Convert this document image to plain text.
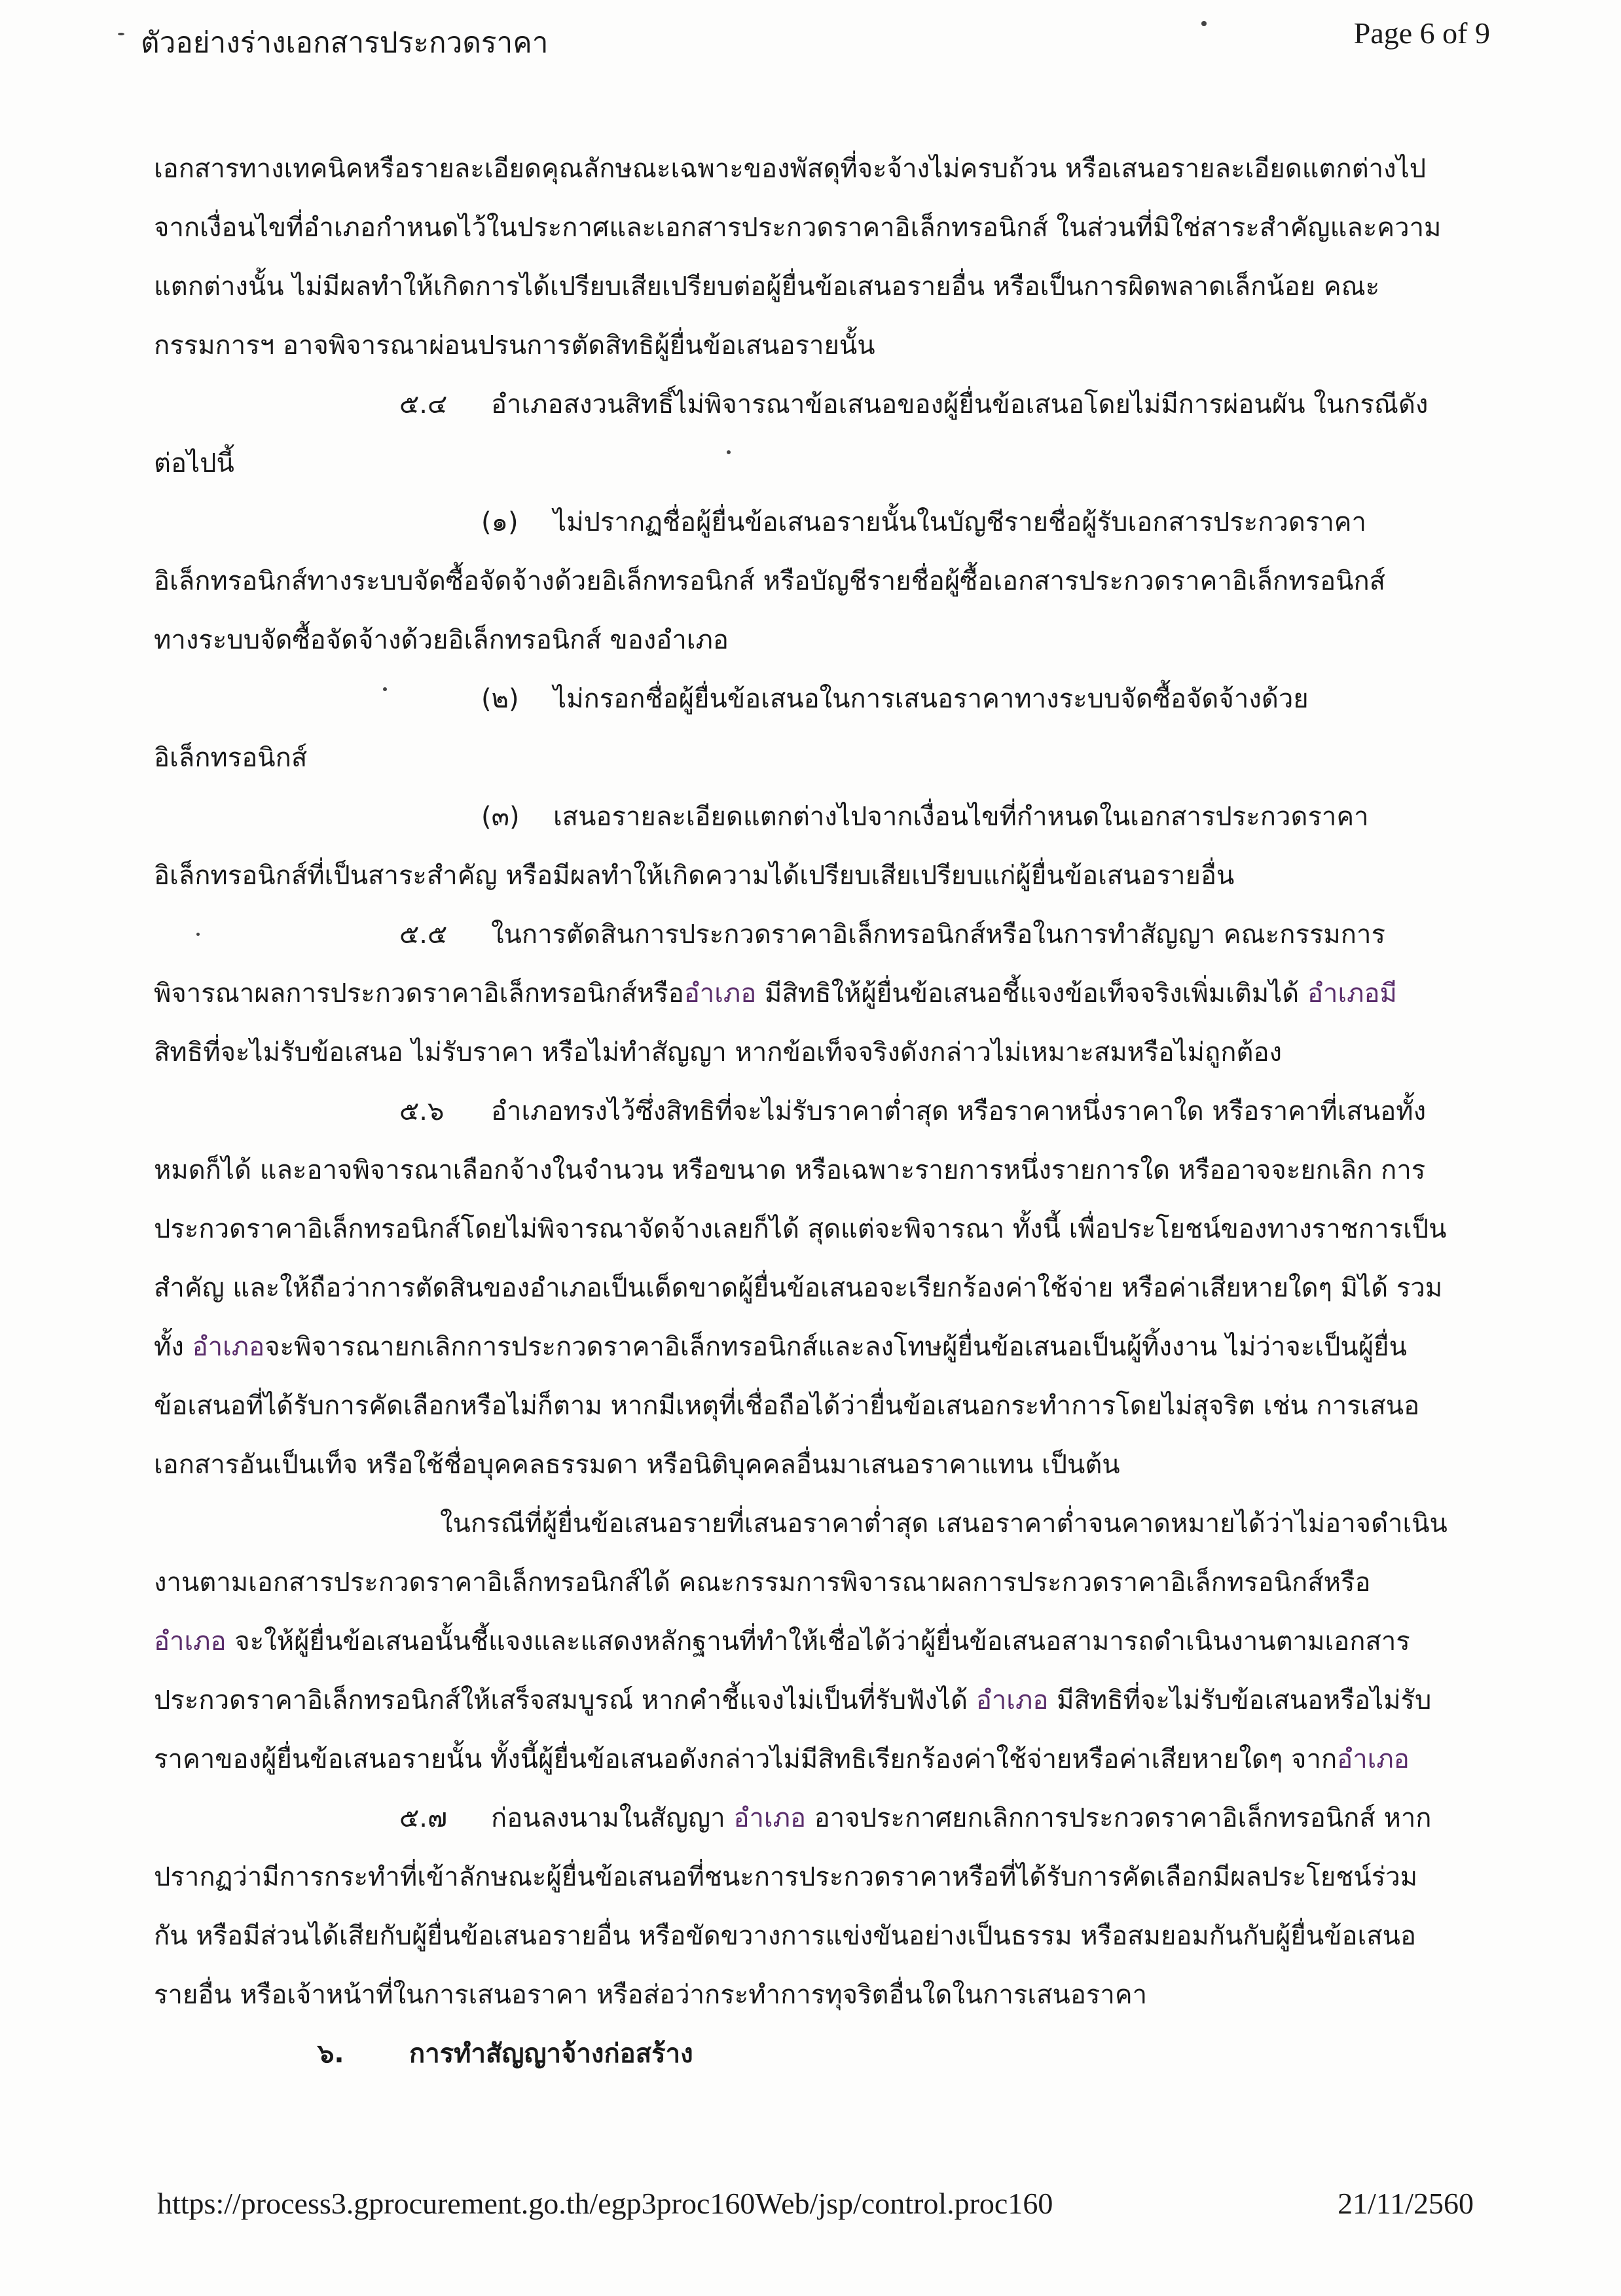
ตัวอย่างร่างเอกสารประกวดราคา	Page 6 of 9
เอกสารทางเทคนิคหรือรายละเอียดคุณลักษณะเฉพาะของพัสดุที่จะจ้างไม่ครบถ้วน หรือเสนอรายละเอียดแตกต่างไป
จากเงื่อนไขที่อำเภอกำหนดไว้ในประกาศและเอกสารประกวดราคาอิเล็กทรอนิกส์ ในส่วนที่มิใช่สาระสำคัญและความ
แตกต่างนั้น ไม่มีผลทำให้เกิดการได้เปรียบเสียเปรียบต่อผู้ยื่นข้อเสนอรายอื่น หรือเป็นการผิดพลาดเล็กน้อย คณะ
กรรมการฯ อาจพิจารณาผ่อนปรนการตัดสิทธิผู้ยื่นข้อเสนอรายนั้น
๕.๔ อำเภอสงวนสิทธิ์ไม่พิจารณาข้อเสนอของผู้ยื่นข้อเสนอโดยไม่มีการผ่อนผัน ในกรณีดัง
ต่อไปนี้
(๑) ไม่ปรากฏชื่อผู้ยื่นข้อเสนอรายนั้นในบัญชีรายชื่อผู้รับเอกสารประกวดราคา
อิเล็กทรอนิกส์ทางระบบจัดซื้อจัดจ้างด้วยอิเล็กทรอนิกส์ หรือบัญชีรายชื่อผู้ซื้อเอกสารประกวดราคาอิเล็กทรอนิกส์
ทางระบบจัดซื้อจัดจ้างด้วยอิเล็กทรอนิกส์ ของอำเภอ
(๒) ไม่กรอกชื่อผู้ยื่นข้อเสนอในการเสนอราคาทางระบบจัดซื้อจัดจ้างด้วย
อิเล็กทรอนิกส์
(๓) เสนอรายละเอียดแตกต่างไปจากเงื่อนไขที่กำหนดในเอกสารประกวดราคา
อิเล็กทรอนิกส์ที่เป็นสาระสำคัญ หรือมีผลทำให้เกิดความได้เปรียบเสียเปรียบแก่ผู้ยื่นข้อเสนอรายอื่น
๕.๕ ในการตัดสินการประกวดราคาอิเล็กทรอนิกส์หรือในการทำสัญญา คณะกรรมการ
พิจารณาผลการประกวดราคาอิเล็กทรอนิกส์หรืออำเภอ มีสิทธิให้ผู้ยื่นข้อเสนอชี้แจงข้อเท็จจริงเพิ่มเติมได้ อำเภอมี
สิทธิที่จะไม่รับข้อเสนอ ไม่รับราคา หรือไม่ทำสัญญา หากข้อเท็จจริงดังกล่าวไม่เหมาะสมหรือไม่ถูกต้อง
๕.๖ อำเภอทรงไว้ซึ่งสิทธิที่จะไม่รับราคาต่ำสุด หรือราคาหนึ่งราคาใด หรือราคาที่เสนอทั้ง
หมดก็ได้ และอาจพิจารณาเลือกจ้างในจำนวน หรือขนาด หรือเฉพาะรายการหนึ่งรายการใด หรืออาจจะยกเลิก การ
ประกวดราคาอิเล็กทรอนิกส์โดยไม่พิจารณาจัดจ้างเลยก็ได้ สุดแต่จะพิจารณา ทั้งนี้ เพื่อประโยชน์ของทางราชการเป็น
สำคัญ และให้ถือว่าการตัดสินของอำเภอเป็นเด็ดขาดผู้ยื่นข้อเสนอจะเรียกร้องค่าใช้จ่าย หรือค่าเสียหายใดๆ มิได้ รวม
ทั้ง อำเภอจะพิจารณายกเลิกการประกวดราคาอิเล็กทรอนิกส์และลงโทษผู้ยื่นข้อเสนอเป็นผู้ทิ้งงาน ไม่ว่าจะเป็นผู้ยื่น
ข้อเสนอที่ได้รับการคัดเลือกหรือไม่ก็ตาม หากมีเหตุที่เชื่อถือได้ว่ายื่นข้อเสนอกระทำการโดยไม่สุจริต เช่น การเสนอ
เอกสารอันเป็นเท็จ หรือใช้ชื่อบุคคลธรรมดา หรือนิติบุคคลอื่นมาเสนอราคาแทน เป็นต้น
ในกรณีที่ผู้ยื่นข้อเสนอรายที่เสนอราคาต่ำสุด เสนอราคาต่ำจนคาดหมายได้ว่าไม่อาจดำเนิน
งานตามเอกสารประกวดราคาอิเล็กทรอนิกส์ได้ คณะกรรมการพิจารณาผลการประกวดราคาอิเล็กทรอนิกส์หรือ
อำเภอ จะให้ผู้ยื่นข้อเสนอนั้นชี้แจงและแสดงหลักฐานที่ทำให้เชื่อได้ว่าผู้ยื่นข้อเสนอสามารถดำเนินงานตามเอกสาร
ประกวดราคาอิเล็กทรอนิกส์ให้เสร็จสมบูรณ์ หากคำชี้แจงไม่เป็นที่รับฟังได้ อำเภอ มีสิทธิที่จะไม่รับข้อเสนอหรือไม่รับ
ราคาของผู้ยื่นข้อเสนอรายนั้น ทั้งนี้ผู้ยื่นข้อเสนอดังกล่าวไม่มีสิทธิเรียกร้องค่าใช้จ่ายหรือค่าเสียหายใดๆ จากอำเภอ
๕.๗ ก่อนลงนามในสัญญา อำเภอ อาจประกาศยกเลิกการประกวดราคาอิเล็กทรอนิกส์ หาก
ปรากฏว่ามีการกระทำที่เข้าลักษณะผู้ยื่นข้อเสนอที่ชนะการประกวดราคาหรือที่ได้รับการคัดเลือกมีผลประโยชน์ร่วม
กัน หรือมีส่วนได้เสียกับผู้ยื่นข้อเสนอรายอื่น หรือขัดขวางการแข่งขันอย่างเป็นธรรม หรือสมยอมกันกับผู้ยื่นข้อเสนอ
รายอื่น หรือเจ้าหน้าที่ในการเสนอราคา หรือส่อว่ากระทำการทุจริตอื่นใดในการเสนอราคา
๖. การทำสัญญาจ้างก่อสร้าง
https://process3.gprocurement.go.th/egp3proc160Web/jsp/control.proc160	21/11/2560
